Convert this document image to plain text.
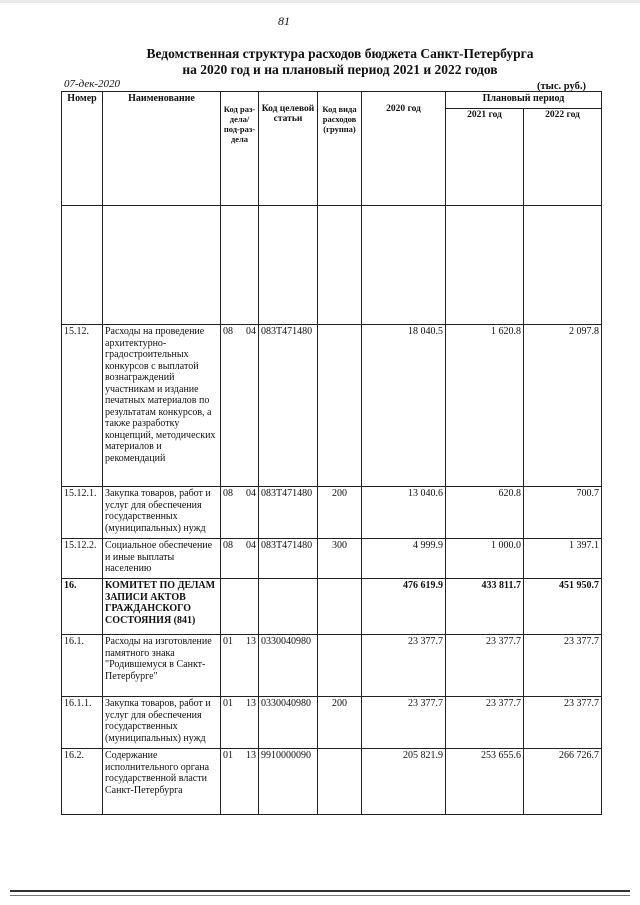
81
Ведомственная структура расходов бюджета Санкт-Петербурга
на 2020 год и на плановый период 2021 и 2022 годов
07-дек-2020	(тыс. руб.)
Номер	Наименование	Код раз-дела/ под-раз-дела	Код целевой статьи	Код вида расходов (группа)	2020 год	Плановый период	
						2021 год	2022 год

15.12.	Расходы на проведение архитектурно-градостроительных конкурсов с выплатой вознаграждений участникам и издание печатных материалов по результатам конкурсов, а также разработку концепций, методических материалов и рекомендаций	08 04	083Т471480		18 040.5	1 620.8	2 097.8
15.12.1.	Закупка товаров, работ и услуг для обеспечения государственных (муниципальных) нужд	08 04	083Т471480	200	13 040.6	620.8	700.7
15.12.2.	Социальное обеспечение и иные выплаты населению	08 04	083Т471480	300	4 999.9	1 000.0	1 397.1
16.	КОМИТЕТ ПО ДЕЛАМ ЗАПИСИ АКТОВ ГРАЖДАНСКОГО СОСТОЯНИЯ (841)				476 619.9	433 811.7	451 950.7
16.1.	Расходы на изготовление памятного знака "Родившемуся в Санкт-Петербурге"	01 13	0330040980		23 377.7	23 377.7	23 377.7
16.1.1.	Закупка товаров, работ и услуг для обеспечения государственных (муниципальных) нужд	01 13	0330040980	200	23 377.7	23 377.7	23 377.7
16.2.	Содержание исполнительного органа государственной власти Санкт-Петербурга	01 13	9910000090		205 821.9	253 655.6	266 726.7
